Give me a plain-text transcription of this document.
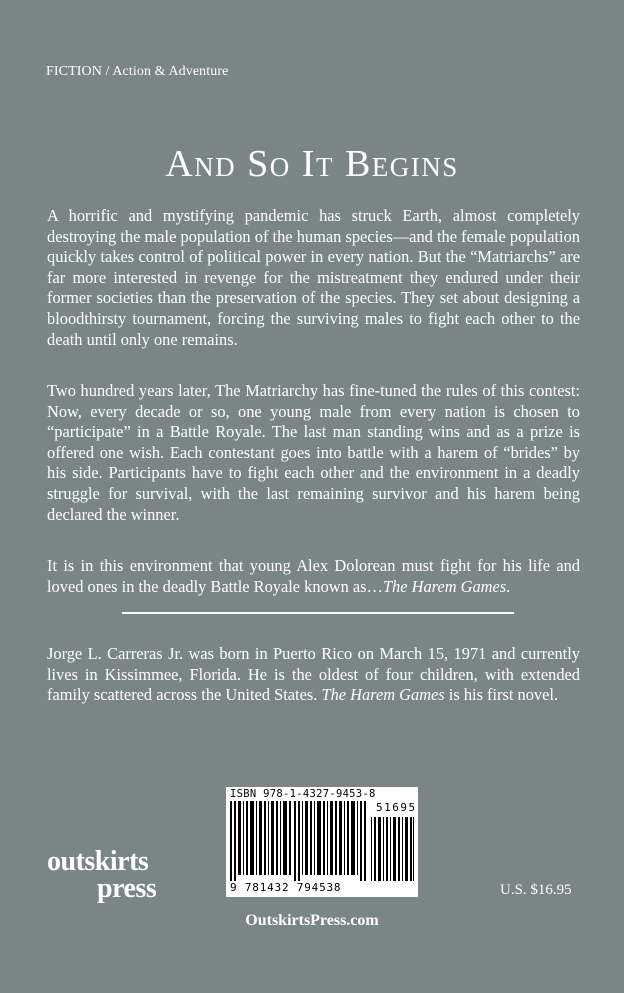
FICTION / Action & Adventure
And So It Begins

A horrific and mystifying pandemic has struck Earth, almost completely destroying the male population of the human species—and the female population quickly takes control of political power in every nation. But the “Matriarchs” are far more interested in revenge for the mistreatment they endured under their former societies than the preservation of the species. They set about designing a bloodthirsty tournament, forcing the surviving males to fight each other to the death until only one remains.

Two hundred years later, The Matriarchy has fine-tuned the rules of this contest: Now, every decade or so, one young male from every nation is chosen to “participate” in a Battle Royale. The last man standing wins and as a prize is offered one wish. Each contestant goes into battle with a harem of “brides” by his side. Participants have to fight each other and the environment in a deadly struggle for survival, with the last remaining survivor and his harem being declared the winner.

It is in this environment that young Alex Dolorean must fight for his life and loved ones in the deadly Battle Royale known as…The Harem Games.

Jorge L. Carreras Jr. was born in Puerto Rico on March 15, 1971 and currently lives in Kissimmee, Florida. He is the oldest of four children, with extended family scattered across the United States. The Harem Games is his first novel.

ISBN 978-1-4327-9453-8
51695
9 781432 794538
outskirts
press	U.S. $16.95
OutskirtsPress.com
